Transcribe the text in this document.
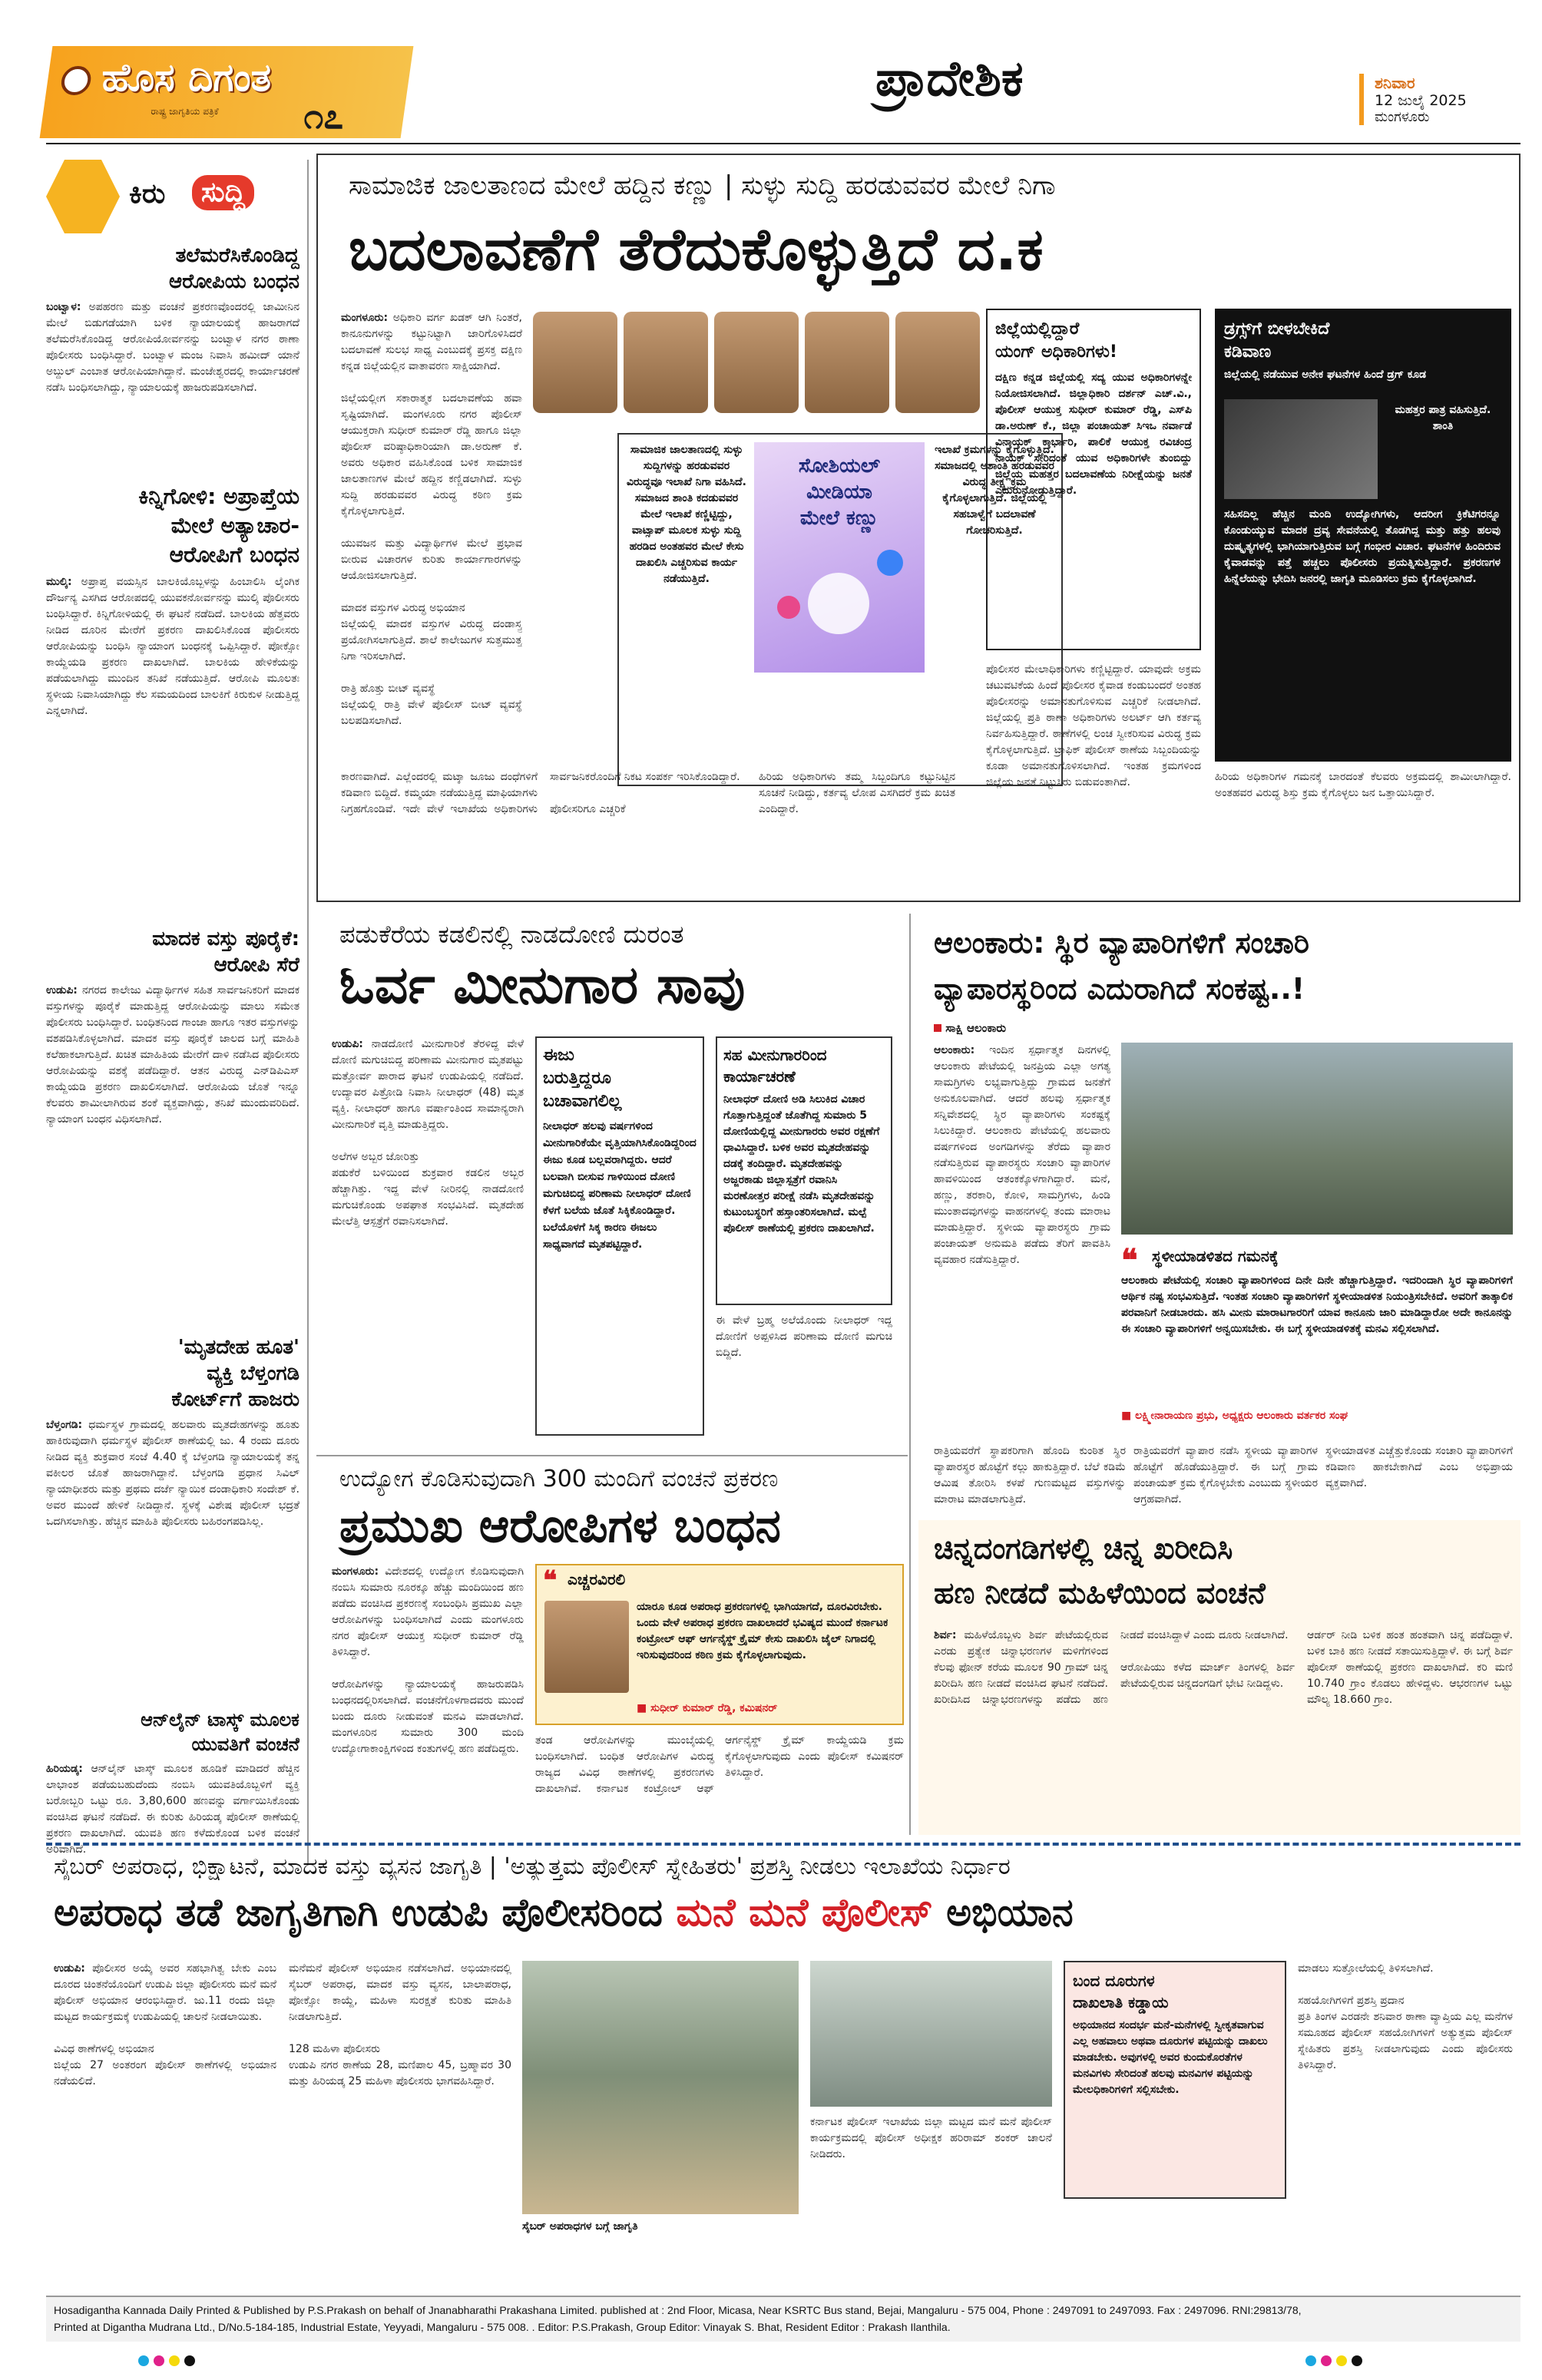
ಹೊಸ ದಿಗಂತ
ರಾಷ್ಟ್ರ ಜಾಗೃತಿಯ ಪತ್ರಿಕೆ ೧೭
ಪ್ರಾದೇಶಿಕ	ಶನಿವಾರ
12 ಜುಲೈ 2025
ಮಂಗಳೂರು
ಕಿರು	ಸುದ್ದಿ
ತಲೆಮರೆಸಿಕೊಂಡಿದ್ದ
ಆರೋಪಿಯ ಬಂಧನ
ಬಂಟ್ವಾಳ: ಅಪಹರಣ ಮತ್ತು ವಂಚನೆ ಪ್ರಕರಣವೊಂದರಲ್ಲಿ ಜಾಮೀನಿನ ಮೇಲೆ ಬಿಡುಗಡೆಯಾಗಿ ಬಳಿಕ ನ್ಯಾಯಾಲಯಕ್ಕೆ ಹಾಜರಾಗದೆ ತಲೆಮರೆಸಿಕೊಂಡಿದ್ದ ಆರೋಪಿಯೋರ್ವನನ್ನು ಬಂಟ್ವಾಳ ನಗರ ಠಾಣಾ ಪೊಲೀಸರು ಬಂಧಿಸಿದ್ದಾರೆ. ಬಂಟ್ವಾಳ ಮಂಜ ನಿವಾಸಿ ಹಮೀದ್ ಯಾನೆ ಅಬ್ದುಲ್ ಎಂಬಾತ ಆರೋಪಿಯಾಗಿದ್ದಾನೆ. ಮಂಜೇಶ್ವರದಲ್ಲಿ ಕಾರ್ಯಾಚರಣೆ ನಡೆಸಿ ಬಂಧಿಸಲಾಗಿದ್ದು, ನ್ಯಾಯಾಲಯಕ್ಕೆ ಹಾಜರುಪಡಿಸಲಾಗಿದೆ.
ಕಿನ್ನಿಗೋಳಿ: ಅಪ್ರಾಪ್ತೆಯ
ಮೇಲೆ ಅತ್ಯಾಚಾರ-
ಆರೋಪಿಗೆ ಬಂಧನ
ಮುಲ್ಕಿ: ಅಪ್ರಾಪ್ತ ವಯಸ್ಸಿನ ಬಾಲಕಿಯೊಬ್ಬಳನ್ನು ಹಿಂಬಾಲಿಸಿ ಲೈಂಗಿಕ ದೌರ್ಜನ್ಯ ಎಸಗಿದ ಆರೋಪದಲ್ಲಿ ಯುವಕನೋರ್ವನನ್ನು ಮುಲ್ಕಿ ಪೊಲೀಸರು ಬಂಧಿಸಿದ್ದಾರೆ. ಕಿನ್ನಿಗೋಳಿಯಲ್ಲಿ ಈ ಘಟನೆ ನಡೆದಿದೆ. ಬಾಲಕಿಯ ಹೆತ್ತವರು ನೀಡಿದ ದೂರಿನ ಮೇರೆಗೆ ಪ್ರಕರಣ ದಾಖಲಿಸಿಕೊಂಡ ಪೊಲೀಸರು ಆರೋಪಿಯನ್ನು ಬಂಧಿಸಿ ನ್ಯಾಯಾಂಗ ಬಂಧನಕ್ಕೆ ಒಪ್ಪಿಸಿದ್ದಾರೆ. ಪೋಕ್ಸೋ ಕಾಯ್ದೆಯಡಿ ಪ್ರಕರಣ ದಾಖಲಾಗಿದೆ. ಬಾಲಕಿಯ ಹೇಳಿಕೆಯನ್ನು ಪಡೆಯಲಾಗಿದ್ದು ಮುಂದಿನ ತನಿಖೆ ನಡೆಯುತ್ತಿದೆ. ಆರೋಪಿ ಮೂಲತಃ ಸ್ಥಳೀಯ ನಿವಾಸಿಯಾಗಿದ್ದು ಕೆಲ ಸಮಯದಿಂದ ಬಾಲಕಿಗೆ ಕಿರುಕುಳ ನೀಡುತ್ತಿದ್ದ ಎನ್ನಲಾಗಿದೆ.
ಮಾದಕ ವಸ್ತು ಪೂರೈಕೆ:
ಆರೋಪಿ ಸೆರೆ
ಉಡುಪಿ: ನಗರದ ಕಾಲೇಜು ವಿದ್ಯಾರ್ಥಿಗಳ ಸಹಿತ ಸಾರ್ವಜನಿಕರಿಗೆ ಮಾದಕ ವಸ್ತುಗಳನ್ನು ಪೂರೈಕೆ ಮಾಡುತ್ತಿದ್ದ ಆರೋಪಿಯನ್ನು ಮಾಲು ಸಮೇತ ಪೊಲೀಸರು ಬಂಧಿಸಿದ್ದಾರೆ. ಬಂಧಿತನಿಂದ ಗಾಂಜಾ ಹಾಗೂ ಇತರ ವಸ್ತುಗಳನ್ನು ವಶಪಡಿಸಿಕೊಳ್ಳಲಾಗಿದೆ. ಮಾದಕ ವಸ್ತು ಪೂರೈಕೆ ಜಾಲದ ಬಗ್ಗೆ ಮಾಹಿತಿ ಕಲೆಹಾಕಲಾಗುತ್ತಿದೆ. ಖಚಿತ ಮಾಹಿತಿಯ ಮೇರೆಗೆ ದಾಳಿ ನಡೆಸಿದ ಪೊಲೀಸರು ಆರೋಪಿಯನ್ನು ವಶಕ್ಕೆ ಪಡೆದಿದ್ದಾರೆ. ಆತನ ವಿರುದ್ಧ ಎನ್‌ಡಿಪಿಎಸ್ ಕಾಯ್ದೆಯಡಿ ಪ್ರಕರಣ ದಾಖಲಿಸಲಾಗಿದೆ. ಆರೋಪಿಯ ಜೊತೆ ಇನ್ನೂ ಕೆಲವರು ಶಾಮೀಲಾಗಿರುವ ಶಂಕೆ ವ್ಯಕ್ತವಾಗಿದ್ದು, ತನಿಖೆ ಮುಂದುವರಿದಿದೆ. ನ್ಯಾಯಾಂಗ ಬಂಧನ ವಿಧಿಸಲಾಗಿದೆ.
'ಮೃತದೇಹ ಹೂತ'
ವ್ಯಕ್ತಿ ಬೆಳ್ತಂಗಡಿ
ಕೋರ್ಟ್‌ಗೆ ಹಾಜರು
ಬೆಳ್ತಂಗಡಿ: ಧರ್ಮಸ್ಥಳ ಗ್ರಾಮದಲ್ಲಿ ಹಲವಾರು ಮೃತದೇಹಗಳನ್ನು ಹೂತು ಹಾಕಿರುವುದಾಗಿ ಧರ್ಮಸ್ಥಳ ಪೊಲೀಸ್ ಠಾಣೆಯಲ್ಲಿ ಜು. 4 ರಂದು ದೂರು ನೀಡಿದ ವ್ಯಕ್ತಿ ಶುಕ್ರವಾರ ಸಂಜೆ 4.40 ಕ್ಕೆ ಬೆಳ್ತಂಗಡಿ ನ್ಯಾಯಾಲಯಕ್ಕೆ ತನ್ನ ವಕೀಲರ ಜೊತೆ ಹಾಜರಾಗಿದ್ದಾನೆ. ಬೆಳ್ತಂಗಡಿ ಪ್ರಧಾನ ಸಿವಿಲ್ ನ್ಯಾಯಾಧೀಶರು ಮತ್ತು ಪ್ರಥಮ ದರ್ಜೆ ನ್ಯಾಯಿಕ ದಂಡಾಧಿಕಾರಿ ಸಂದೇಶ್ ಕೆ. ಅವರ ಮುಂದೆ ಹೇಳಿಕೆ ನೀಡಿದ್ದಾನೆ. ಸ್ಥಳಕ್ಕೆ ವಿಶೇಷ ಪೊಲೀಸ್ ಭದ್ರತೆ ಒದಗಿಸಲಾಗಿತ್ತು. ಹೆಚ್ಚಿನ ಮಾಹಿತಿ ಪೊಲೀಸರು ಬಹಿರಂಗಪಡಿಸಿಲ್ಲ.
ಆನ್‌ಲೈನ್ ಟಾಸ್ಕ್ ಮೂಲಕ
ಯುವತಿಗೆ ವಂಚನೆ
ಹಿರಿಯಡ್ಕ: ಆನ್‌ಲೈನ್ ಟಾಸ್ಕ್ ಮೂಲಕ ಹೂಡಿಕೆ ಮಾಡಿದರೆ ಹೆಚ್ಚಿನ ಲಾಭಾಂಶ ಪಡೆಯಬಹುದೆಂದು ನಂಬಿಸಿ ಯುವತಿಯೊಬ್ಬಳಿಗೆ ವ್ಯಕ್ತಿ ಬರೋಬ್ಬರಿ ಒಟ್ಟು ರೂ. 3,80,600 ಹಣವನ್ನು ವರ್ಗಾಯಿಸಿಕೊಂಡು ವಂಚಿಸಿದ ಘಟನೆ ನಡೆದಿದೆ. ಈ ಕುರಿತು ಹಿರಿಯಡ್ಕ ಪೊಲೀಸ್ ಠಾಣೆಯಲ್ಲಿ ಪ್ರಕರಣ ದಾಖಲಾಗಿದೆ. ಯುವತಿ ಹಣ ಕಳೆದುಕೊಂಡ ಬಳಿಕ ವಂಚನೆ ಅರಿವಾಗಿದೆ.
ಸಾಮಾಜಿಕ ಜಾಲತಾಣದ ಮೇಲೆ ಹದ್ದಿನ ಕಣ್ಣು | ಸುಳ್ಳು ಸುದ್ದಿ ಹರಡುವವರ ಮೇಲೆ ನಿಗಾ
ಬದಲಾವಣೆಗೆ ತೆರೆದುಕೊಳ್ಳುತ್ತಿದೆ ದ.ಕ
ಮಂಗಳೂರು: ಅಧಿಕಾರಿ ವರ್ಗ ಖಡಕ್ ಆಗಿ ನಿಂತರೆ, ಕಾನೂನುಗಳನ್ನು ಕಟ್ಟುನಿಟ್ಟಾಗಿ ಜಾರಿಗೊಳಿಸಿದರೆ ಬದಲಾವಣೆ ಸುಲಭ ಸಾಧ್ಯ ಎಂಬುದಕ್ಕೆ ಪ್ರಸಕ್ತ ದಕ್ಷಿಣ ಕನ್ನಡ ಜಿಲ್ಲೆಯಲ್ಲಿನ ವಾತಾವರಣ ಸಾಕ್ಷಿಯಾಗಿದೆ.

ಜಿಲ್ಲೆಯಲ್ಲೀಗ ಸಕಾರಾತ್ಮಕ ಬದಲಾವಣೆಯ ಹವಾ ಸೃಷ್ಟಿಯಾಗಿದೆ. ಮಂಗಳೂರು ನಗರ ಪೊಲೀಸ್ ಆಯುಕ್ತರಾಗಿ ಸುಧೀರ್ ಕುಮಾರ್ ರೆಡ್ಡಿ ಹಾಗೂ ಜಿಲ್ಲಾ ಪೊಲೀಸ್ ವರಿಷ್ಠಾಧಿಕಾರಿಯಾಗಿ ಡಾ.ಅರುಣ್ ಕೆ. ಅವರು ಅಧಿಕಾರ ವಹಿಸಿಕೊಂಡ ಬಳಿಕ ಸಾಮಾಜಿಕ ಜಾಲತಾಣಗಳ ಮೇಲೆ ಹದ್ದಿನ ಕಣ್ಣಿಡಲಾಗಿದೆ. ಸುಳ್ಳು ಸುದ್ದಿ ಹರಡುವವರ ವಿರುದ್ಧ ಕಠಿಣ ಕ್ರಮ ಕೈಗೊಳ್ಳಲಾಗುತ್ತಿದೆ.

ಯುವಜನ ಮತ್ತು ವಿದ್ಯಾರ್ಥಿಗಳ ಮೇಲೆ ಪ್ರಭಾವ ಬೀರುವ ವಿಚಾರಗಳ ಕುರಿತು ಕಾರ್ಯಾಗಾರಗಳನ್ನು ಆಯೋಜಿಸಲಾಗುತ್ತಿದೆ.

ಮಾದಕ ವಸ್ತುಗಳ ವಿರುದ್ಧ ಅಭಿಯಾನ
ಜಿಲ್ಲೆಯಲ್ಲಿ ಮಾದಕ ವಸ್ತುಗಳ ವಿರುದ್ಧ ದಂಡಾಸ್ತ್ರ ಪ್ರಯೋಗಿಸಲಾಗುತ್ತಿದೆ. ಶಾಲೆ ಕಾಲೇಜುಗಳ ಸುತ್ತಮುತ್ತ ನಿಗಾ ಇರಿಸಲಾಗಿದೆ.

ರಾತ್ರಿ ಹೊತ್ತು ಬೀಟ್ ವ್ಯವಸ್ಥೆ
ಜಿಲ್ಲೆಯಲ್ಲಿ ರಾತ್ರಿ ವೇಳೆ ಪೊಲೀಸ್ ಬೀಟ್ ವ್ಯವಸ್ಥೆ ಬಲಪಡಿಸಲಾಗಿದೆ.
ಸಾಮಾಜಿಕ ಜಾಲತಾಣದಲ್ಲಿ ಸುಳ್ಳು ಸುದ್ದಿಗಳನ್ನು ಹರಡುವವರ ವಿರುದ್ಧವೂ ಇಲಾಖೆ ನಿಗಾ ವಹಿಸಿದೆ. ಸಮಾಜದ ಶಾಂತಿ ಕದಡುವವರ ಮೇಲೆ ಇಲಾಖೆ ಕಣ್ಣಿಟ್ಟಿದ್ದು, ವಾಟ್ಸಾಪ್ ಮೂಲಕ ಸುಳ್ಳು ಸುದ್ದಿ ಹರಡಿದ ಅಂತಹವರ ಮೇಲೆ ಕೇಸು ದಾಖಲಿಸಿ ಎಚ್ಚರಿಸುವ ಕಾರ್ಯ ನಡೆಯುತ್ತಿದೆ.
ಸೋಶಿಯಲ್
ಮೀಡಿಯಾ
ಮೇಲೆ ಕಣ್ಣು
ಇಲಾಖೆ ಕ್ರಮಗಳನ್ನು ಕೈಗೊಳ್ಳುತ್ತಿದೆ. ಸಮಾಜದಲ್ಲಿ ಅಶಾಂತಿ ಹರಡುವವರ ವಿರುದ್ಧ ತೀಕ್ಷ್ಣ ಕ್ರಮ ಕೈಗೊಳ್ಳಲಾಗುತ್ತಿದೆ. ಜಿಲ್ಲೆಯಲ್ಲಿ ಸಹಬಾಳ್ವೆಗೆ ಬದಲಾವಣೆ ಗೋಚರಿಸುತ್ತಿದೆ.
ಕಾರಣವಾಗಿದೆ. ಎಲ್ಲೆಂದರಲ್ಲಿ ಮಟ್ಕಾ ಜೂಜು ದಂಧೆಗಳಿಗೆ ಕಡಿವಾಣ ಬಿದ್ದಿದೆ. ಕಮ್ಮಯಾ ನಡೆಯುತ್ತಿದ್ದ ಮಾಫಿಯಾಗಳು ನಿಗ್ರಹಗೊಂಡಿವೆ. ಇದೇ ವೇಳೆ ಇಲಾಖೆಯ ಅಧಿಕಾರಿಗಳು ಸಾರ್ವಜನಿಕರೊಂದಿಗೆ ನಿಕಟ ಸಂಪರ್ಕ ಇರಿಸಿಕೊಂಡಿದ್ದಾರೆ.

ಪೊಲೀಸರಿಗೂ ಎಚ್ಚರಿಕೆ
ಹಿರಿಯ ಅಧಿಕಾರಿಗಳು ತಮ್ಮ ಸಿಬ್ಬಂದಿಗೂ ಕಟ್ಟುನಿಟ್ಟಿನ ಸೂಚನೆ ನೀಡಿದ್ದು, ಕರ್ತವ್ಯ ಲೋಪ ಎಸಗಿದರೆ ಕ್ರಮ ಖಚಿತ ಎಂದಿದ್ದಾರೆ.
ಜಿಲ್ಲೆಯಲ್ಲಿದ್ದಾರೆ
ಯಂಗ್ ಅಧಿಕಾರಿಗಳು!
ದಕ್ಷಿಣ ಕನ್ನಡ ಜಿಲ್ಲೆಯಲ್ಲಿ ಸದ್ಯ ಯುವ ಅಧಿಕಾರಿಗಳನ್ನೇ ನಿಯೋಜಿಸಲಾಗಿದೆ. ಜಿಲ್ಲಾಧಿಕಾರಿ ದರ್ಶನ್ ಎಚ್.ವಿ., ಪೊಲೀಸ್ ಆಯುಕ್ತ ಸುಧೀರ್ ಕುಮಾರ್ ರೆಡ್ಡಿ, ಎಸ್‌ಪಿ ಡಾ.ಅರುಣ್ ಕೆ., ಜಿಲ್ಲಾ ಪಂಚಾಯತ್ ಸಿಇಒ ನರ್ವಾಡೆ ವಿನಾಯಕ್ ಕಾರ್ಭಾರಿ, ಪಾಲಿಕೆ ಆಯುಕ್ತ ರವಿಚಂದ್ರ ನಾಯಕ್ ಸೇರಿದಂತೆ ಯುವ ಅಧಿಕಾರಿಗಳೇ ತುಂಬಿದ್ದು ಜಿಲ್ಲೆಯ ಮಹತ್ತರ ಬದಲಾವಣೆಯ ನಿರೀಕ್ಷೆಯನ್ನು ಜನತೆ ಎದುರುನೋಡುತ್ತಿದ್ದಾರೆ.
ಪೊಲೀಸರ ಮೇಲಾಧಿಕಾರಿಗಳು ಕಣ್ಣಿಟ್ಟಿದ್ದಾರೆ. ಯಾವುದೇ ಅಕ್ರಮ ಚಟುವಟಿಕೆಯ ಹಿಂದೆ ಪೊಲೀಸರ ಕೈವಾಡ ಕಂಡುಬಂದರೆ ಅಂತಹ ಪೊಲೀಸರನ್ನು ಅಮಾನತುಗೊಳಿಸುವ ಎಚ್ಚರಿಕೆ ನೀಡಲಾಗಿದೆ. ಜಿಲ್ಲೆಯಲ್ಲಿ ಪ್ರತಿ ಠಾಣಾ ಅಧಿಕಾರಿಗಳು ಅಲರ್ಟ್ ಆಗಿ ಕರ್ತವ್ಯ ನಿರ್ವಹಿಸುತ್ತಿದ್ದಾರೆ. ಠಾಣೆಗಳಲ್ಲಿ ಲಂಚ ಸ್ವೀಕರಿಸುವ ವಿರುದ್ಧ ಕ್ರಮ ಕೈಗೊಳ್ಳಲಾಗುತ್ತಿದೆ. ಟ್ರಾಫಿಕ್ ಪೊಲೀಸ್ ಠಾಣೆಯ ಸಿಬ್ಬಂದಿಯನ್ನು ಕೂಡಾ ಅಮಾನತುಗೊಳಿಸಲಾಗಿದೆ. ಇಂತಹ ಕ್ರಮಗಳಿಂದ ಜಿಲ್ಲೆಯ ಜನತೆ ನಿಟ್ಟುಸಿರು ಬಿಡುವಂತಾಗಿದೆ.
ಡ್ರಗ್ಸ್‌ಗೆ ಬೀಳಬೇಕಿದೆ
ಕಡಿವಾಣ
ಜಿಲ್ಲೆಯಲ್ಲಿ ನಡೆಯುವ ಅನೇಕ ಘಟನೆಗಳ ಹಿಂದೆ ಡ್ರಗ್ ಕೂಡ
ಮಹತ್ತರ ಪಾತ್ರ ವಹಿಸುತ್ತಿದೆ. ಶಾಂತಿ
ಸಹಿಸದಿಲ್ಲ ಹೆಚ್ಚಿನ ಮಂದಿ ಉದ್ಯೋಗಿಗಳು, ಆದರೀಗ ಕ್ರಿಕೆಟಿಗರನ್ನೂ ಕೊಂಡುಯ್ಯುವ ಮಾದಕ ದ್ರವ್ಯ ಸೇವನೆಯಲ್ಲಿ ತೊಡಗಿದ್ದ ಮತ್ತು ಹತ್ತು ಹಲವು ದುಷ್ಕೃತ್ಯಗಳಲ್ಲಿ ಭಾಗಿಯಾಗುತ್ತಿರುವ ಬಗ್ಗೆ ಗಂಭೀರ ವಿಚಾರ. ಘಟನೆಗಳ ಹಿಂದಿರುವ ಕೈವಾಡವನ್ನು ಪತ್ತೆ ಹಚ್ಚಲು ಪೊಲೀಸರು ಪ್ರಯತ್ನಿಸುತ್ತಿದ್ದಾರೆ. ಪ್ರಕರಣಗಳ ಹಿನ್ನೆಲೆಯನ್ನು ಭೇದಿಸಿ ಜನರಲ್ಲಿ ಜಾಗೃತಿ ಮೂಡಿಸಲು ಕ್ರಮ ಕೈಗೊಳ್ಳಲಾಗಿದೆ.
ಹಿರಿಯ ಅಧಿಕಾರಿಗಳ ಗಮನಕ್ಕೆ ಬಾರದಂತೆ ಕೆಲವರು ಅಕ್ರಮದಲ್ಲಿ ಶಾಮೀಲಾಗಿದ್ದಾರೆ. ಅಂತಹವರ ವಿರುದ್ಧ ಶಿಸ್ತು ಕ್ರಮ ಕೈಗೊಳ್ಳಲು ಜನ ಒತ್ತಾಯಿಸಿದ್ದಾರೆ.
ಪಡುಕೆರೆಯ ಕಡಲಿನಲ್ಲಿ ನಾಡದೋಣಿ ದುರಂತ
ಓರ್ವ ಮೀನುಗಾರ ಸಾವು
ಉಡುಪಿ: ನಾಡದೋಣಿ ಮೀನುಗಾರಿಕೆ ತೆರಳಿದ್ದ ವೇಳೆ ದೋಣಿ ಮಗುಚಿಬಿದ್ದ ಪರಿಣಾಮ ಮೀನುಗಾರ ಮೃತಪಟ್ಟು ಮತ್ತೋರ್ವ ಪಾರಾದ ಘಟನೆ ಉಡುಪಿಯಲ್ಲಿ ನಡೆದಿದೆ. ಉದ್ಯಾವರ ಪಿತ್ರೋಡಿ ನಿವಾಸಿ ನೀಲಾಧರ್ (48) ಮೃತ ವ್ಯಕ್ತಿ. ನೀಲಾಧರ್ ಹಾಗೂ ವರ್ಷಾಂತಿಂದ ಸಾಮಾನ್ಯರಾಗಿ ಮೀನುಗಾರಿಕೆ ವೃತ್ತಿ ಮಾಡುತ್ತಿದ್ದರು.

ಅಲೆಗಳ ಅಬ್ಬರ ಜೋರಿತ್ತು
ಪಡುಕೆರೆ ಬಳಿಯಿಂದ ಶುಕ್ರವಾರ ಕಡಲಿನ ಅಬ್ಬರ ಹೆಚ್ಚಾಗಿತ್ತು. ಇದ್ದ ವೇಳೆ ನೀರಿನಲ್ಲಿ ನಾಡದೋಣಿ ಮಗುಚಿಕೊಂಡು ಅಪಘಾತ ಸಂಭವಿಸಿದೆ. ಮೃತದೇಹ ಮೇಲೆತ್ತಿ ಆಸ್ಪತ್ರೆಗೆ ರವಾನಿಸಲಾಗಿದೆ.
ಈಜು
ಬರುತ್ತಿದ್ದರೂ
ಬಚಾವಾಗಲಿಲ್ಲ
ನೀಲಾಧರ್ ಹಲವು ವರ್ಷಗಳಿಂದ ಮೀನುಗಾರಿಕೆಯೇ ವೃತ್ತಿಯಾಗಿಸಿಕೊಂಡಿದ್ದರಿಂದ ಈಜು ಕೂಡ ಬಲ್ಲವರಾಗಿದ್ದರು. ಆದರೆ ಬಲವಾಗಿ ಬೀಸುವ ಗಾಳಿಯಿಂದ ದೋಣಿ ಮಗುಚಿಬಿದ್ದ ಪರಿಣಾಮ ನೀಲಾಧರ್ ದೋಣಿ ಕೆಳಗೆ ಬಲೆಯ ಜೊತೆ ಸಿಕ್ಕಿಕೊಂಡಿದ್ದಾರೆ. ಬಲೆಯೊಳಗೆ ಸಿಕ್ಕ ಕಾರಣ ಈಜಲು ಸಾಧ್ಯವಾಗದೆ ಮೃತಪಟ್ಟಿದ್ದಾರೆ.
ಸಹ ಮೀನುಗಾರರಿಂದ
ಕಾರ್ಯಾಚರಣೆ
ನೀಲಾಧರ್ ದೋಣಿ ಅಡಿ ಸಿಲುಕಿದ ವಿಚಾರ ಗೊತ್ತಾಗುತ್ತಿದ್ದಂತೆ ಜೊತೆಗಿದ್ದ ಸುಮಾರು 5 ದೋಣಿಯಲ್ಲಿದ್ದ ಮೀನುಗಾರರು ಅವರ ರಕ್ಷಣೆಗೆ ಧಾವಿಸಿದ್ದಾರೆ. ಬಳಿಕ ಅವರ ಮೃತದೇಹವನ್ನು ದಡಕ್ಕೆ ತಂದಿದ್ದಾರೆ. ಮೃತದೇಹವನ್ನು ಅಜ್ಜರಕಾಡು ಜಿಲ್ಲಾಸ್ಪತ್ರೆಗೆ ರವಾನಿಸಿ ಮರಣೋತ್ತರ ಪರೀಕ್ಷೆ ನಡೆಸಿ ಮೃತದೇಹವನ್ನು ಕುಟುಂಬಸ್ಥರಿಗೆ ಹಸ್ತಾಂತರಿಸಲಾಗಿದೆ. ಮಲ್ಪೆ ಪೊಲೀಸ್ ಠಾಣೆಯಲ್ಲಿ ಪ್ರಕರಣ ದಾಖಲಾಗಿದೆ.
ಈ ವೇಳೆ ಬ್ರಹ್ಮ ಅಲೆಯೊಂದು ನೀಲಾಧರ್ ಇದ್ದ ದೋಣಿಗೆ ಅಪ್ಪಳಿಸಿದ ಪರಿಣಾಮ ದೋಣಿ ಮಗುಚಿ ಬಿದ್ದಿದೆ.
ಆಲಂಕಾರು: ಸ್ಥಿರ ವ್ಯಾಪಾರಿಗಳಿಗೆ ಸಂಚಾರಿ
ವ್ಯಾಪಾರಸ್ಥರಿಂದ ಎದುರಾಗಿದೆ ಸಂಕಷ್ಟ..!
ಸಾಕ್ಷಿ ಆಲಂಕಾರು
ಆಲಂಕಾರು: ಇಂದಿನ ಸ್ಪರ್ಧಾತ್ಮಕ ದಿನಗಳಲ್ಲಿ ಆಲಂಕಾರು ಪೇಟೆಯಲ್ಲಿ ಜನಪ್ರಿಯ ಎಲ್ಲಾ ಅಗತ್ಯ ಸಾಮಗ್ರಿಗಳು ಲಭ್ಯವಾಗುತ್ತಿದ್ದು ಗ್ರಾಮದ ಜನತೆಗೆ ಅನುಕೂಲವಾಗಿದೆ. ಆದರೆ ಹಲವು ಸ್ಪರ್ಧಾತ್ಮಕ ಸನ್ನಿವೇಶದಲ್ಲಿ ಸ್ಥಿರ ವ್ಯಾಪಾರಿಗಳು ಸಂಕಷ್ಟಕ್ಕೆ ಸಿಲುಕಿದ್ದಾರೆ. ಆಲಂಕಾರು ಪೇಟೆಯಲ್ಲಿ ಹಲವಾರು ವರ್ಷಗಳಿಂದ ಅಂಗಡಿಗಳನ್ನು ತೆರೆದು ವ್ಯಾಪಾರ ನಡೆಸುತ್ತಿರುವ ವ್ಯಾಪಾರಸ್ಥರು ಸಂಚಾರಿ ವ್ಯಾಪಾರಿಗಳ ಹಾವಳಿಯಿಂದ ಆತಂಕಕ್ಕೊಳಗಾಗಿದ್ದಾರೆ. ಮನೆ, ಹಣ್ಣು, ತರಕಾರಿ, ಕೋಳಿ, ಸಾಮಗ್ರಿಗಳು, ಹಿಂಡಿ ಮುಂತಾದವುಗಳನ್ನು ವಾಹನಗಳಲ್ಲಿ ತಂದು ಮಾರಾಟ ಮಾಡುತ್ತಿದ್ದಾರೆ. ಸ್ಥಳೀಯ ವ್ಯಾಪಾರಸ್ಥರು ಗ್ರಾಮ ಪಂಚಾಯತ್ ಅನುಮತಿ ಪಡೆದು ತೆರಿಗೆ ಪಾವತಿಸಿ ವ್ಯವಹಾರ ನಡೆಸುತ್ತಿದ್ದಾರೆ.	❝ ಸ್ಥಳೀಯಾಡಳಿತದ ಗಮನಕ್ಕೆ
ಆಲಂಕಾರು ಪೇಟೆಯಲ್ಲಿ ಸಂಚಾರಿ ವ್ಯಾಪಾರಿಗಳಿಂದ ದಿನೇ ದಿನೇ ಹೆಚ್ಚಾಗುತ್ತಿದ್ದಾರೆ. ಇದರಿಂದಾಗಿ ಸ್ಥಿರ ವ್ಯಾಪಾರಿಗಳಿಗೆ ಆರ್ಥಿಕ ನಷ್ಟ ಸಂಭವಿಸುತ್ತಿದೆ. ಇಂತಹ ಸಂಚಾರಿ ವ್ಯಾಪಾರಿಗಳಿಗೆ ಸ್ಥಳೀಯಾಡಳಿತ ನಿಯಂತ್ರಿಸಬೇಕಿದೆ. ಅವರಿಗೆ ತಾತ್ಕಾಲಿಕ ಪರವಾನಿಗೆ ನೀಡಬಾರದು. ಹಸಿ ಮೀನು ಮಾರಾಟಗಾರರಿಗೆ ಯಾವ ಕಾನೂನು ಜಾರಿ ಮಾಡಿದ್ದಾರೋ ಅದೇ ಕಾನೂನನ್ನು ಈ ಸಂಚಾರಿ ವ್ಯಾಪಾರಿಗಳಿಗೆ ಅನ್ವಯಿಸಬೇಕು. ಈ ಬಗ್ಗೆ ಸ್ಥಳೀಯಾಡಳಿತಕ್ಕೆ ಮನವಿ ಸಲ್ಲಿಸಲಾಗಿದೆ.
■ ಲಕ್ಷ್ಮೀನಾರಾಯಣ ಪ್ರಭು, ಅಧ್ಯಕ್ಷರು ಆಲಂಕಾರು ವರ್ತಕರ ಸಂಘ
ರಾತ್ರಿಯವರೆಗೆ ಸ್ಥಾಪಕರಿಗಾಗಿ ಹೊಂದಿ ಕುಂಠಿತ ಸ್ಥಿರ ವ್ಯಾಪಾರಸ್ಥರ ಹೊಟ್ಟೆಗೆ ಕಲ್ಲು ಹಾಕುತ್ತಿದ್ದಾರೆ. ಬೆಲೆ ಕಡಿಮೆ ಆಮಿಷ ತೋರಿಸಿ ಕಳಪೆ ಗುಣಮಟ್ಟದ ವಸ್ತುಗಳನ್ನು ಮಾರಾಟ ಮಾಡಲಾಗುತ್ತಿದೆ.
ರಾತ್ರಿಯವರೆಗೆ ವ್ಯಾಪಾರ ನಡೆಸಿ ಸ್ಥಳೀಯ ವ್ಯಾಪಾರಿಗಳ ಹೊಟ್ಟೆಗೆ ಹೊಡೆಯುತ್ತಿದ್ದಾರೆ. ಈ ಬಗ್ಗೆ ಗ್ರಾಮ ಪಂಚಾಯತ್ ಕ್ರಮ ಕೈಗೊಳ್ಳಬೇಕು ಎಂಬುದು ಸ್ಥಳೀಯರ ಆಗ್ರಹವಾಗಿದೆ.
ಸ್ಥಳೀಯಾಡಳಿತ ಎಚ್ಚೆತ್ತುಕೊಂಡು ಸಂಚಾರಿ ವ್ಯಾಪಾರಿಗಳಿಗೆ ಕಡಿವಾಣ ಹಾಕಬೇಕಾಗಿದೆ ಎಂಬ ಅಭಿಪ್ರಾಯ ವ್ಯಕ್ತವಾಗಿದೆ.
ಉದ್ಯೋಗ ಕೊಡಿಸುವುದಾಗಿ 300 ಮಂದಿಗೆ ವಂಚನೆ ಪ್ರಕರಣ
ಪ್ರಮುಖ ಆರೋಪಿಗಳ ಬಂಧನ
ಮಂಗಳೂರು: ವಿದೇಶದಲ್ಲಿ ಉದ್ಯೋಗ ಕೊಡಿಸುವುದಾಗಿ ನಂಬಿಸಿ ಸುಮಾರು ನೂರಕ್ಕೂ ಹೆಚ್ಚು ಮಂದಿಯಿಂದ ಹಣ ಪಡೆದು ವಂಚಿಸಿದ ಪ್ರಕರಣಕ್ಕೆ ಸಂಬಂಧಿಸಿ ಪ್ರಮುಖ ಎಲ್ಲಾ ಆರೋಪಿಗಳನ್ನು ಬಂಧಿಸಲಾಗಿದೆ ಎಂದು ಮಂಗಳೂರು ನಗರ ಪೊಲೀಸ್ ಆಯುಕ್ತ ಸುಧೀರ್ ಕುಮಾರ್ ರೆಡ್ಡಿ ತಿಳಿಸಿದ್ದಾರೆ.

ಆರೋಪಿಗಳನ್ನು ನ್ಯಾಯಾಲಯಕ್ಕೆ ಹಾಜರುಪಡಿಸಿ ಬಂಧನದಲ್ಲಿರಿಸಲಾಗಿದೆ. ವಂಚನೆಗೊಳಗಾದವರು ಮುಂದೆ ಬಂದು ದೂರು ನೀಡುವಂತೆ ಮನವಿ ಮಾಡಲಾಗಿದೆ. ಮಂಗಳೂರಿನ ಸುಮಾರು 300 ಮಂದಿ ಉದ್ಯೋಗಾಕಾಂಕ್ಷಿಗಳಿಂದ ಕಂತುಗಳಲ್ಲಿ ಹಣ ಪಡೆದಿದ್ದರು.
❝ ಎಚ್ಚರವಿರಲಿ
ಯಾರೂ ಕೂಡ ಅಪರಾಧ ಪ್ರಕರಣಗಳಲ್ಲಿ ಭಾಗಿಯಾಗದೆ, ದೂರವಿರಬೇಕು. ಒಂದು ವೇಳೆ ಅಪರಾಧ ಪ್ರಕರಣ ದಾಖಲಾದರೆ ಭವಿಷ್ಯದ ಮುಂದೆ ಕರ್ನಾಟಕ ಕಂಟ್ರೋಲ್ ಆಫ್ ಆರ್ಗನೈಸ್ಡ್ ಕ್ರೈಮ್ ಕೇಸು ದಾಖಲಿಸಿ ಜೈಲ್ ನಿಗಾದಲ್ಲಿ ಇರಿಸುವುದರಿಂದ ಕಠಿಣ ಕ್ರಮ ಕೈಗೊಳ್ಳಲಾಗುವುದು.
■ ಸುಧೀರ್ ಕುಮಾರ್ ರೆಡ್ಡಿ, ಕಮಿಷನರ್
ತಂಡ ಆರೋಪಿಗಳನ್ನು ಮುಂಬೈಯಲ್ಲಿ ಬಂಧಿಸಲಾಗಿದೆ. ಬಂಧಿತ ಆರೋಪಿಗಳ ವಿರುದ್ಧ ರಾಜ್ಯದ ವಿವಿಧ ಠಾಣೆಗಳಲ್ಲಿ ಪ್ರಕರಣಗಳು ದಾಖಲಾಗಿವೆ. ಕರ್ನಾಟಕ ಕಂಟ್ರೋಲ್ ಆಫ್ ಆರ್ಗನೈಸ್ಡ್ ಕ್ರೈಮ್ ಕಾಯ್ದೆಯಡಿ ಕ್ರಮ ಕೈಗೊಳ್ಳಲಾಗುವುದು ಎಂದು ಪೊಲೀಸ್ ಕಮಿಷನರ್ ತಿಳಿಸಿದ್ದಾರೆ.
ಚಿನ್ನದಂಗಡಿಗಳಲ್ಲಿ ಚಿನ್ನ ಖರೀದಿಸಿ
ಹಣ ನೀಡದೆ ಮಹಿಳೆಯಿಂದ ವಂಚನೆ
ಶಿರ್ವ: ಮಹಿಳೆಯೊಬ್ಬಳು ಶಿರ್ವ ಪೇಟೆಯಲ್ಲಿರುವ ಎರಡು ಪ್ರತ್ಯೇಕ ಚಿನ್ನಾಭರಣಗಳ ಮಳಿಗೆಗಳಿಂದ ಕೆಲವು ಫೋನ್ ಕರೆಯ ಮೂಲಕ 90 ಗ್ರಾಮ್ ಚಿನ್ನ ಖರೀದಿಸಿ ಹಣ ನೀಡದೆ ವಂಚಿಸಿದ ಘಟನೆ ನಡೆದಿದೆ. ಖರೀದಿಸಿದ ಚಿನ್ನಾಭರಣಗಳನ್ನು ಪಡೆದು ಹಣ ನೀಡದೆ ವಂಚಿಸಿದ್ದಾಳೆ ಎಂದು ದೂರು ನೀಡಲಾಗಿದೆ.

ಆರೋಪಿಯು ಕಳೆದ ಮಾರ್ಚ್ ತಿಂಗಳಲ್ಲಿ ಶಿರ್ವ ಪೇಟೆಯಲ್ಲಿರುವ ಚಿನ್ನದಂಗಡಿಗೆ ಭೇಟಿ ನೀಡಿದ್ದಳು.
ಆರ್ಡರ್ ನೀಡಿ ಬಳಿಕ ಹಂತ ಹಂತವಾಗಿ ಚಿನ್ನ ಪಡೆದಿದ್ದಾಳೆ. ಬಳಿಕ ಬಾಕಿ ಹಣ ನೀಡದೆ ಸತಾಯಿಸುತ್ತಿದ್ದಾಳೆ. ಈ ಬಗ್ಗೆ ಶಿರ್ವ ಪೊಲೀಸ್ ಠಾಣೆಯಲ್ಲಿ ಪ್ರಕರಣ ದಾಖಲಾಗಿದೆ. ಕರಿ ಮಣಿ 10.740 ಗ್ರಾಂ ಕೊಡಲು ಹೇಳಿದ್ದಳು. ಆಭರಣಗಳ ಒಟ್ಟು ಮೌಲ್ಯ 18.660 ಗ್ರಾಂ.
ಸೈಬರ್ ಅಪರಾಧ, ಭಿಕ್ಷಾಟನೆ, ಮಾದಕ ವಸ್ತು ವ್ಯಸನ ಜಾಗೃತಿ | 'ಅತ್ಯುತ್ತಮ ಪೊಲೀಸ್ ಸ್ನೇಹಿತರು' ಪ್ರಶಸ್ತಿ ನೀಡಲು ಇಲಾಖೆಯ ನಿರ್ಧಾರ
ಅಪರಾಧ ತಡೆ ಜಾಗೃತಿಗಾಗಿ ಉಡುಪಿ ಪೊಲೀಸರಿಂದ ಮನೆ ಮನೆ ಪೊಲೀಸ್ ಅಭಿಯಾನ
ಉಡುಪಿ: ಪೊಲೀಸರ ಅಯ್ಕೆ ಅವರ ಸಹಭಾಗಿತ್ವ ಬೇಕು ಎಂಬ ದೂರದ ಚಿಂತನೆಯೊಂದಿಗೆ ಉಡುಪಿ ಜಿಲ್ಲಾ ಪೊಲೀಸರು ಮನೆ ಮನೆ ಪೊಲೀಸ್ ಅಭಿಯಾನ ಆರಂಭಿಸಿದ್ದಾರೆ. ಜು.11 ರಂದು ಜಿಲ್ಲಾ ಮಟ್ಟದ ಕಾರ್ಯಕ್ರಮಕ್ಕೆ ಉಡುಪಿಯಲ್ಲಿ ಚಾಲನೆ ನೀಡಲಾಯಿತು.

ವಿವಿಧ ಠಾಣೆಗಳಲ್ಲಿ ಅಭಿಯಾನ
ಜಿಲ್ಲೆಯ 27 ಅಂತರಂಗ ಪೊಲೀಸ್ ಠಾಣೆಗಳಲ್ಲಿ ಅಭಿಯಾನ ನಡೆಯಲಿದೆ.
ಮನೆಮನೆ ಪೊಲೀಸ್ ಅಭಿಯಾನ ನಡೆಸಲಾಗಿದೆ. ಅಭಿಯಾನದಲ್ಲಿ ಸೈಬರ್ ಅಪರಾಧ, ಮಾದಕ ವಸ್ತು ವ್ಯಸನ, ಬಾಲಾಪರಾಧ, ಪೋಕ್ಸೋ ಕಾಯ್ದೆ, ಮಹಿಳಾ ಸುರಕ್ಷತೆ ಕುರಿತು ಮಾಹಿತಿ ನೀಡಲಾಗುತ್ತಿದೆ.

128 ಮಹಿಳಾ ಪೊಲೀಸರು
ಉಡುಪಿ ನಗರ ಠಾಣೆಯ 28, ಮಣಿಪಾಲ 45, ಬ್ರಹ್ಮಾವರ 30 ಮತ್ತು ಹಿರಿಯಡ್ಕ 25 ಮಹಿಳಾ ಪೊಲೀಸರು ಭಾಗವಹಿಸಿದ್ದಾರೆ.
ಸೈಬರ್ ಅಪರಾಧಗಳ ಬಗ್ಗೆ ಜಾಗೃತಿ
ಕರ್ನಾಟಕ ಪೊಲೀಸ್ ಇಲಾಖೆಯ ಜಿಲ್ಲಾ ಮಟ್ಟದ ಮನೆ ಮನೆ ಪೊಲೀಸ್ ಕಾರ್ಯಕ್ರಮದಲ್ಲಿ ಪೊಲೀಸ್ ಅಧೀಕ್ಷಕ ಹರಿರಾಮ್ ಶಂಕರ್ ಚಾಲನೆ ನೀಡಿದರು.
ಬಂದ ದೂರುಗಳ
ದಾಖಲಾತಿ ಕಡ್ಡಾಯ
ಅಭಿಯಾನದ ಸಂದರ್ಭ ಮನೆ-ಮನೆಗಳಲ್ಲಿ ಸ್ವೀಕೃತವಾಗುವ ಎಲ್ಲ ಅಹವಾಲು ಅಥವಾ ದೂರುಗಳ ಪಟ್ಟಿಯನ್ನು ದಾಖಲು ಮಾಡಬೇಕು. ಅವುಗಳಲ್ಲಿ ಅವರ ಕುಂದುಕೊರತೆಗಳ ಮನವಿಗಳು ಸೇರಿದಂತೆ ಹಲವು ಮನವಿಗಳ ಪಟ್ಟಿಯನ್ನು ಮೇಲಧಿಕಾರಿಗಳಿಗೆ ಸಲ್ಲಿಸಬೇಕು.
ಮಾಡಲು ಸುತ್ತೋಲೆಯಲ್ಲಿ ತಿಳಿಸಲಾಗಿದೆ.

ಸಹಯೋಗಿಗಳಿಗೆ ಪ್ರಶಸ್ತಿ ಪ್ರದಾನ
ಪ್ರತಿ ತಿಂಗಳ ಎರಡನೇ ಶನಿವಾರ ಠಾಣಾ ವ್ಯಾಪ್ತಿಯ ಎಲ್ಲ ಮನೆಗಳ ಸಮೂಹದ ಪೊಲೀಸ್ ಸಹಯೋಗಿಗಳಿಗೆ ಅತ್ಯುತ್ತಮ ಪೊಲೀಸ್ ಸ್ನೇಹಿತರು ಪ್ರಶಸ್ತಿ ನೀಡಲಾಗುವುದು ಎಂದು ಪೊಲೀಸರು ತಿಳಿಸಿದ್ದಾರೆ.
Hosadigantha Kannada Daily Printed & Published by P.S.Prakash on behalf of Jnanabharathi Prakashana Limited. published at : 2nd Floor, Micasa, Near KSRTC Bus stand, Bejai, Mangaluru - 575 004, Phone : 2497091 to 2497093. Fax : 2497096. RNI:29813/78,
Printed at Digantha Mudrana Ltd., D/No.5-184-185, Industrial Estate, Yeyyadi, Mangaluru - 575 008. . Editor: P.S.Prakash, Group Editor: Vinayak S. Bhat, Resident Editor : Prakash Ilanthila.
